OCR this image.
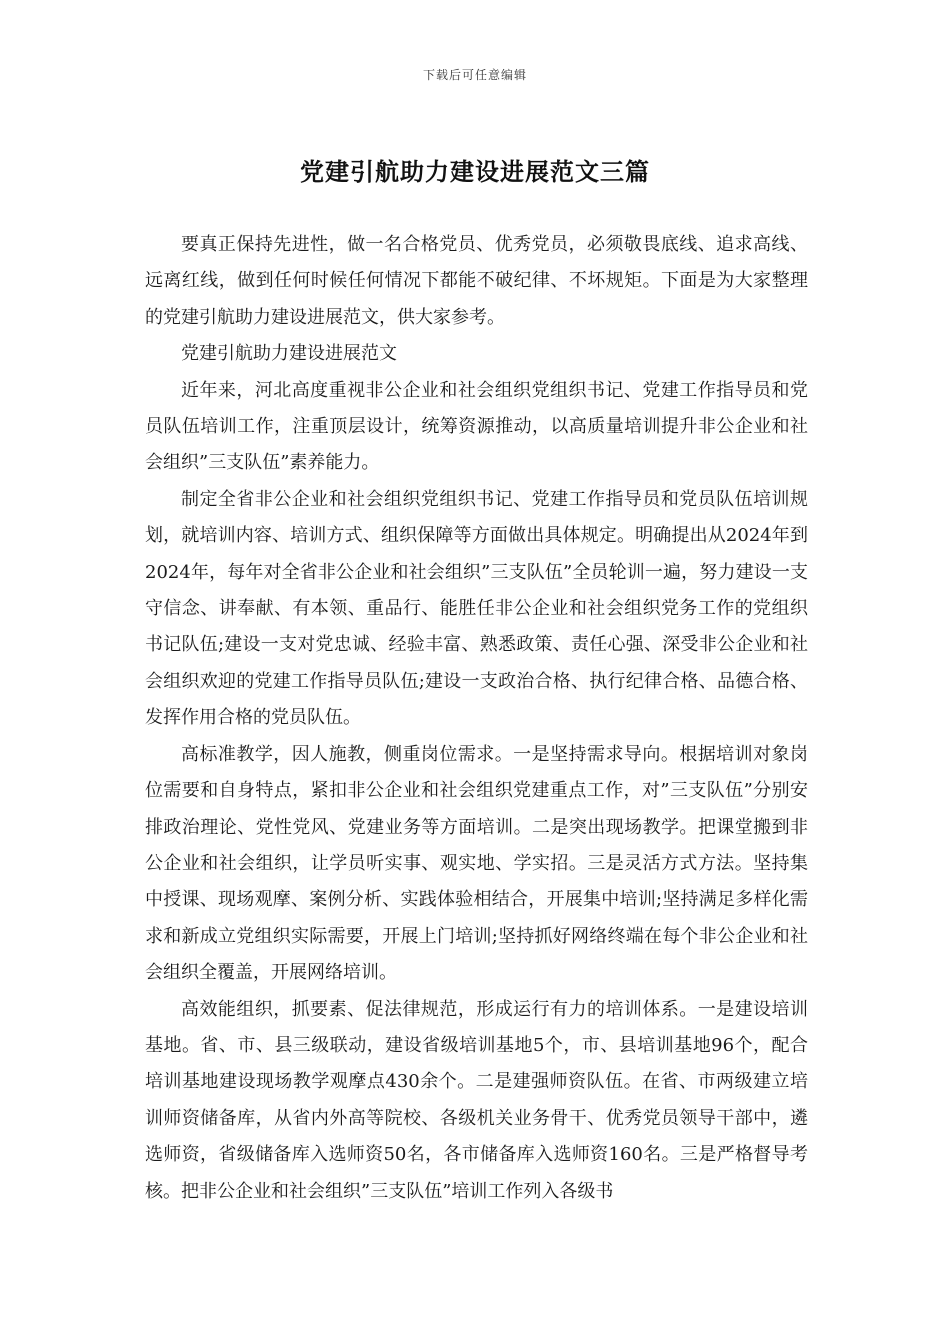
下载后可任意编辑
党建引航助力建设进展范文三篇

要真正保持先进性，做一名合格党员、优秀党员，必须敬畏底线、追求高线、远离红线，做到任何时候任何情况下都能不破纪律、不坏规矩。下面是为大家整理的党建引航助力建设进展范文，供大家参考。

党建引航助力建设进展范文

近年来，河北高度重视非公企业和社会组织党组织书记、党建工作指导员和党员队伍培训工作，注重顶层设计，统筹资源推动，以高质量培训提升非公企业和社会组织”三支队伍”素养能力。

制定全省非公企业和社会组织党组织书记、党建工作指导员和党员队伍培训规划，就培训内容、培训方式、组织保障等方面做出具体规定。明确提出从2024年到2024年，每年对全省非公企业和社会组织”三支队伍”全员轮训一遍，努力建设一支守信念、讲奉献、有本领、重品行、能胜任非公企业和社会组织党务工作的党组织书记队伍;建设一支对党忠诚、经验丰富、熟悉政策、责任心强、深受非公企业和社会组织欢迎的党建工作指导员队伍;建设一支政治合格、执行纪律合格、品德合格、发挥作用合格的党员队伍。

高标准教学，因人施教，侧重岗位需求。一是坚持需求导向。根据培训对象岗位需要和自身特点，紧扣非公企业和社会组织党建重点工作，对”三支队伍”分别安排政治理论、党性党风、党建业务等方面培训。二是突出现场教学。把课堂搬到非公企业和社会组织，让学员听实事、观实地、学实招。三是灵活方式方法。坚持集中授课、现场观摩、案例分析、实践体验相结合，开展集中培训;坚持满足多样化需求和新成立党组织实际需要，开展上门培训;坚持抓好网络终端在每个非公企业和社会组织全覆盖，开展网络培训。

高效能组织，抓要素、促法律规范，形成运行有力的培训体系。一是建设培训基地。省、市、县三级联动，建设省级培训基地5个，市、县培训基地96个，配合培训基地建设现场教学观摩点430余个。二是建强师资队伍。在省、市两级建立培训师资储备库，从省内外高等院校、各级机关业务骨干、优秀党员领导干部中，遴选师资，省级储备库入选师资50名，各市储备库入选师资160名。三是严格督导考核。把非公企业和社会组织”三支队伍”培训工作列入各级书
